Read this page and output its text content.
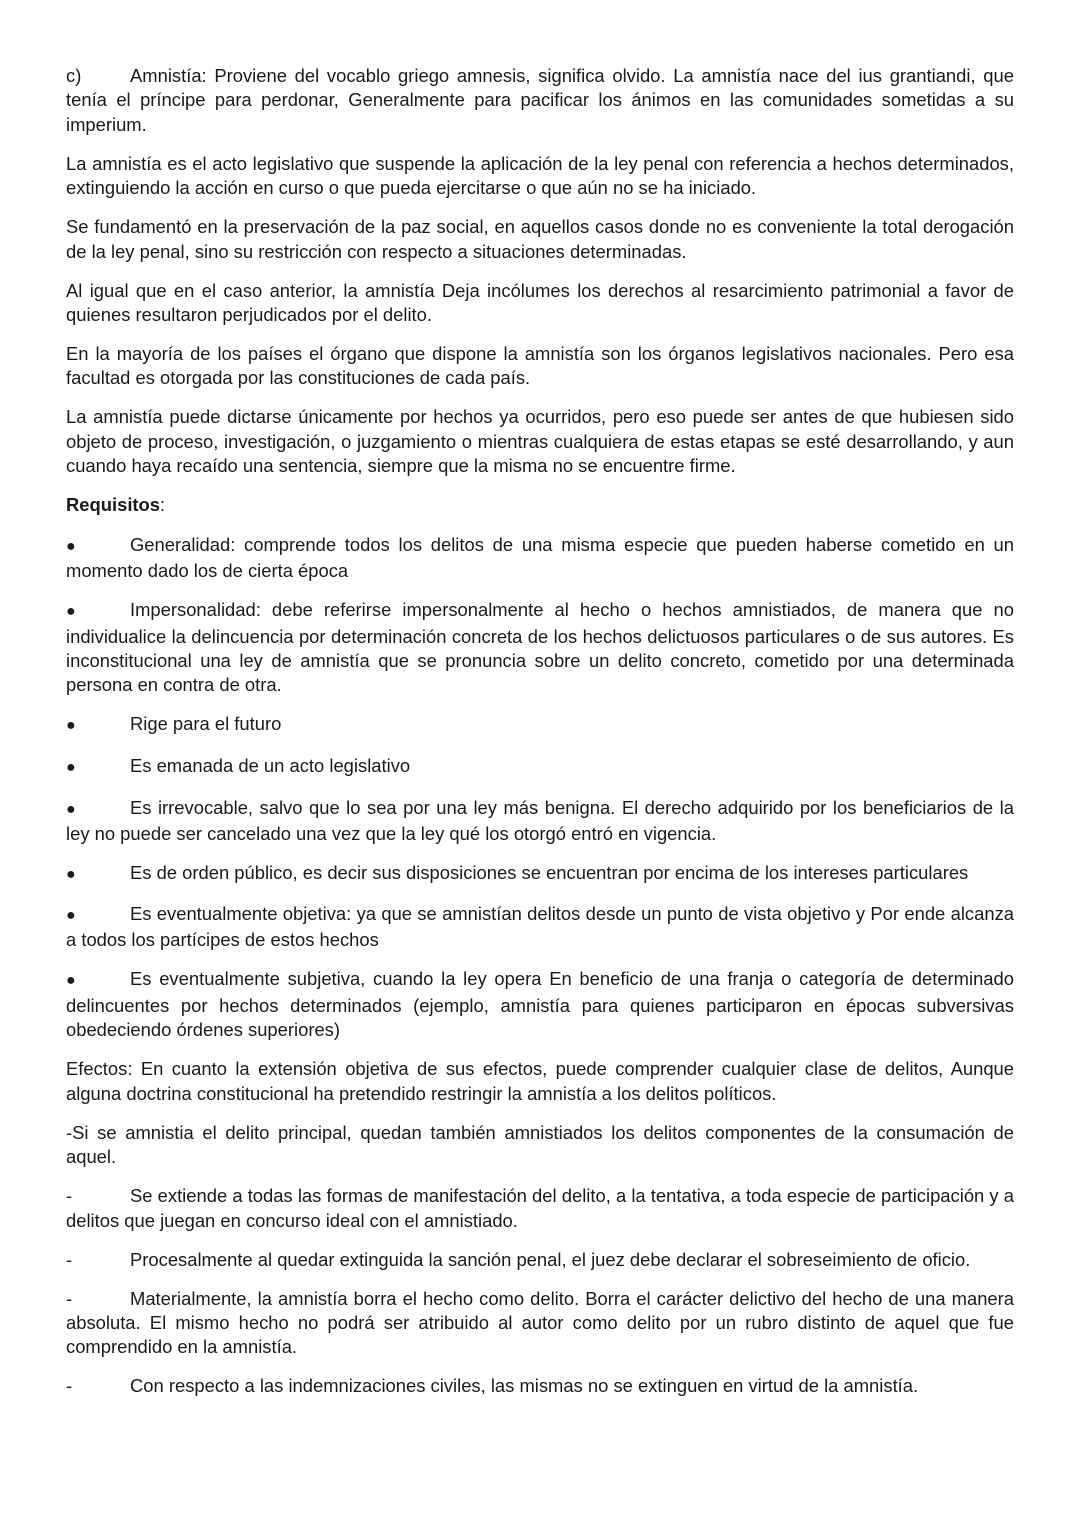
c)	Amnistía: Proviene del vocablo griego amnesis, significa olvido. La amnistía nace del ius grantiandi, que tenía el príncipe para perdonar, Generalmente para pacificar los ánimos en las comunidades sometidas a su imperium.

La amnistía es el acto legislativo que suspende la aplicación de la ley penal con referencia a hechos determinados, extinguiendo la acción en curso o que pueda ejercitarse o que aún no se ha iniciado.

Se fundamentó en la preservación de la paz social, en aquellos casos donde no es conveniente la total derogación de la ley penal, sino su restricción con respecto a situaciones determinadas.

Al igual que en el caso anterior, la amnistía Deja incólumes los derechos al resarcimiento patrimonial a favor de quienes resultaron perjudicados por el delito.

En la mayoría de los países el órgano que dispone la amnistía son los órganos legislativos nacionales. Pero esa facultad es otorgada por las constituciones de cada país.

La amnistía puede dictarse únicamente por hechos ya ocurridos, pero eso puede ser antes de que hubiesen sido objeto de proceso, investigación, o juzgamiento o mientras cualquiera de estas etapas se esté desarrollando, y aun cuando haya recaído una sentencia, siempre que la misma no se encuentre firme.

Requisitos:

●	Generalidad: comprende todos los delitos de una misma especie que pueden haberse cometido en un momento dado los de cierta época

●	Impersonalidad: debe referirse impersonalmente al hecho o hechos amnistiados, de manera que no individualice la delincuencia por determinación concreta de los hechos delictuosos particulares o de sus autores. Es inconstitucional una ley de amnistía que se pronuncia sobre un delito concreto, cometido por una determinada persona en contra de otra.

●	Rige para el futuro

●	Es emanada de un acto legislativo

●	Es irrevocable, salvo que lo sea por una ley más benigna. El derecho adquirido por los beneficiarios de la ley no puede ser cancelado una vez que la ley qué los otorgó entró en vigencia.

●	Es de orden público, es decir sus disposiciones se encuentran por encima de los intereses particulares

●	Es eventualmente objetiva: ya que se amnistían delitos desde un punto de vista objetivo y Por ende alcanza a todos los partícipes de estos hechos

●	Es eventualmente subjetiva, cuando la ley opera En beneficio de una franja o categoría de determinado delincuentes por hechos determinados (ejemplo, amnistía para quienes participaron en épocas subversivas obedeciendo órdenes superiores)

Efectos: En cuanto la extensión objetiva de sus efectos, puede comprender cualquier clase de delitos, Aunque alguna doctrina constitucional ha pretendido restringir la amnistía a los delitos políticos.

-Si se amnistia el delito principal, quedan también amnistiados los delitos componentes de la consumación de aquel.

-	Se extiende a todas las formas de manifestación del delito, a la tentativa, a toda especie de participación y a delitos que juegan en concurso ideal con el amnistiado.

-	Procesalmente al quedar extinguida la sanción penal, el juez debe declarar el sobreseimiento de oficio.

-	Materialmente, la amnistía borra el hecho como delito. Borra el carácter delictivo del hecho de una manera absoluta. El mismo hecho no podrá ser atribuido al autor como delito por un rubro distinto de aquel que fue comprendido en la amnistía.

-	Con respecto a las indemnizaciones civiles, las mismas no se extinguen en virtud de la amnistía.
